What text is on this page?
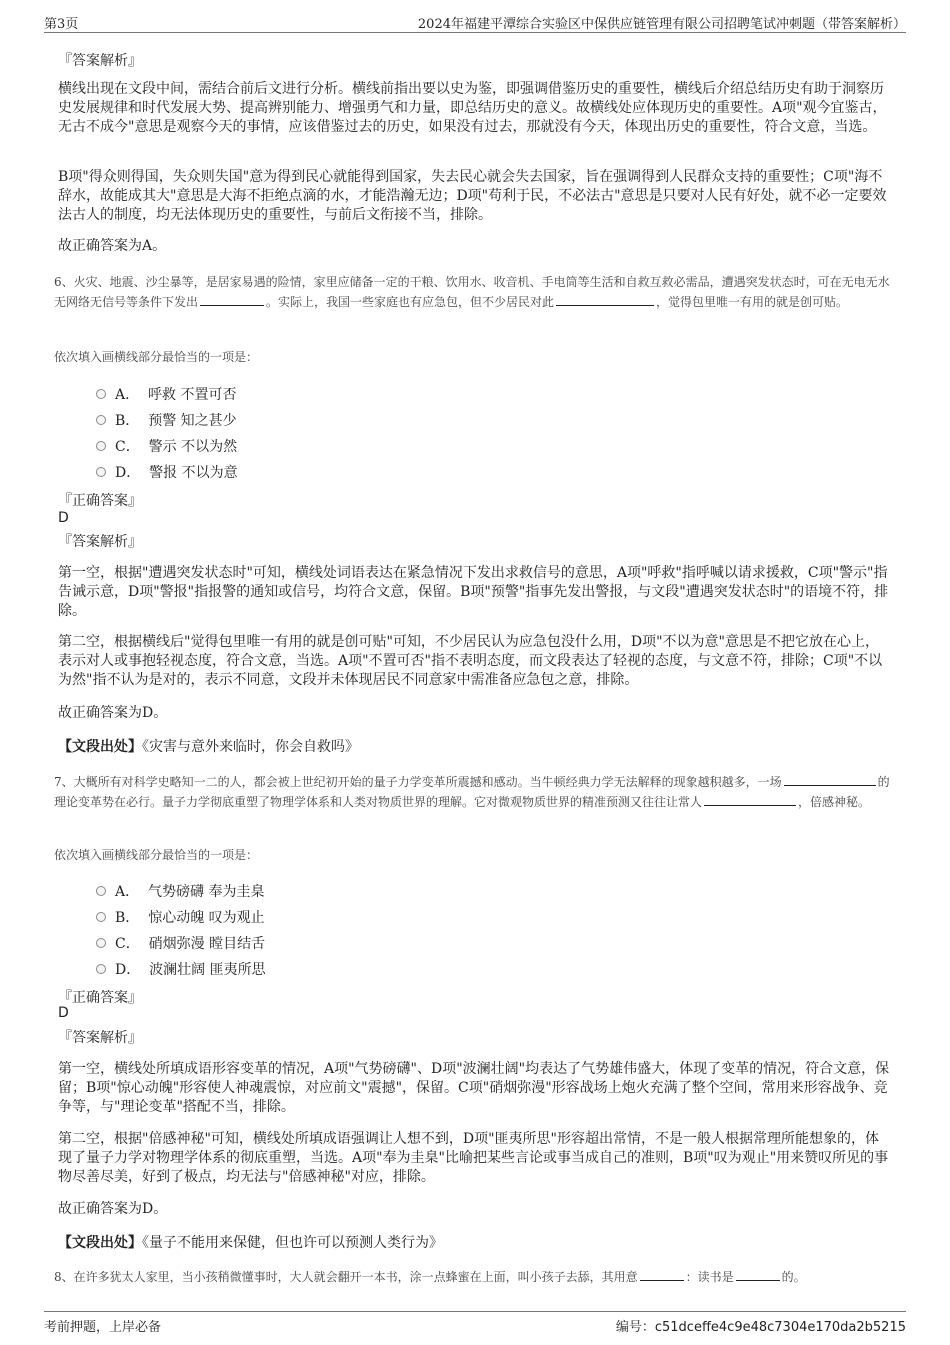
第3页	2024年福建平潭综合实验区中保供应链管理有限公司招聘笔试冲刺题（带答案解析）
『答案解析』
横线出现在文段中间，需结合前后文进行分析。横线前指出要以史为鉴，即强调借鉴历史的重要性，横线后介绍总结历史有助于洞察历史发展规律和时代发展大势、提高辨别能力、增强勇气和力量，即总结历史的意义。故横线处应体现历史的重要性。A项"观今宜鉴古，无古不成今"意思是观察今天的事情，应该借鉴过去的历史，如果没有过去，那就没有今天，体现出历史的重要性，符合文意，当选。
B项"得众则得国，失众则失国"意为得到民心就能得到国家，失去民心就会失去国家，旨在强调得到人民群众支持的重要性；C项"海不辞水，故能成其大"意思是大海不拒绝点滴的水，才能浩瀚无边；D项"苟利于民，不必法古"意思是只要对人民有好处，就不必一定要效法古人的制度，均无法体现历史的重要性，与前后文衔接不当，排除。
故正确答案为A。
6、火灾、地震、沙尘暴等，是居家易遇的险情，家里应储备一定的干粮、饮用水、收音机、手电筒等生活和自救互救必需品，遭遇突发状态时，可在无电无水无网络无信号等条件下发出	。实际上，我国一些家庭也有应急包，但不少居民对此	，觉得包里唯一有用的就是创可贴。
依次填入画横线部分最恰当的一项是：
A． 呼救 不置可否
B． 预警 知之甚少
C． 警示 不以为然
D． 警报 不以为意
『正确答案』
D
『答案解析』
第一空，根据"遭遇突发状态时"可知，横线处词语表达在紧急情况下发出求救信号的意思，A项"呼救"指呼喊以请求援救，C项"警示"指告诫示意，D项"警报"指报警的通知或信号，均符合文意，保留。B项"预警"指事先发出警报，与文段"遭遇突发状态时"的语境不符，排除。
第二空，根据横线后"觉得包里唯一有用的就是创可贴"可知，不少居民认为应急包没什么用，D项"不以为意"意思是不把它放在心上，表示对人或事抱轻视态度，符合文意，当选。A项"不置可否"指不表明态度，而文段表达了轻视的态度，与文意不符，排除；C项"不以为然"指不认为是对的，表示不同意，文段并未体现居民不同意家中需准备应急包之意，排除。
故正确答案为D。
【文段出处】《灾害与意外来临时，你会自救吗》
7、大概所有对科学史略知一二的人，都会被上世纪初开始的量子力学变革所震撼和感动。当牛顿经典力学无法解释的现象越积越多，一场	的理论变革势在必行。量子力学彻底重塑了物理学体系和人类对物质世界的理解。它对微观物质世界的精准预测又往往让常人	，倍感神秘。
依次填入画横线部分最恰当的一项是：
A． 气势磅礴 奉为圭臬
B． 惊心动魄 叹为观止
C． 硝烟弥漫 瞠目结舌
D． 波澜壮阔 匪夷所思
『正确答案』
D
『答案解析』
第一空，横线处所填成语形容变革的情况，A项"气势磅礴"、D项"波澜壮阔"均表达了气势雄伟盛大，体现了变革的情况，符合文意，保留；B项"惊心动魄"形容使人神魂震惊，对应前文"震撼"，保留。C项"硝烟弥漫"形容战场上炮火充满了整个空间，常用来形容战争、竞争等，与"理论变革"搭配不当，排除。
第二空，根据"倍感神秘"可知，横线处所填成语强调让人想不到，D项"匪夷所思"形容超出常情，不是一般人根据常理所能想象的，体现了量子力学对物理学体系的彻底重塑，当选。A项"奉为圭臬"比喻把某些言论或事当成自己的准则，B项"叹为观止"用来赞叹所见的事物尽善尽美，好到了极点，均无法与"倍感神秘"对应，排除。
故正确答案为D。
【文段出处】《量子不能用来保健，但也许可以预测人类行为》
8、在许多犹太人家里，当小孩稍微懂事时，大人就会翻开一本书，涂一点蜂蜜在上面，叫小孩子去舔，其用意	：读书是	的。
考前押题，上岸必备	编号：c51dceffe4c9e48c7304e170da2b5215
